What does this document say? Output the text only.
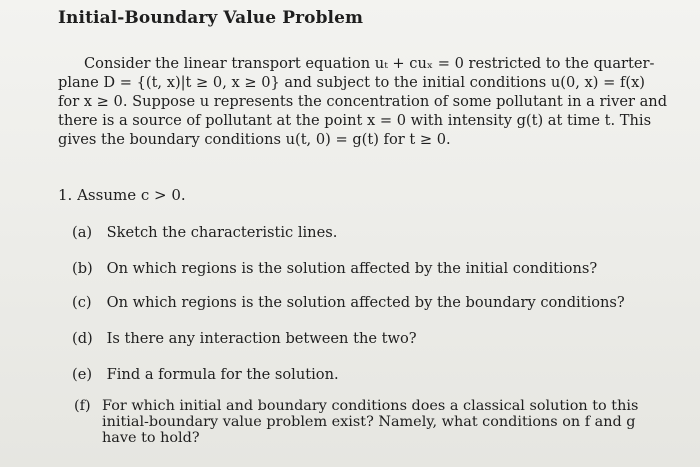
Initial-Boundary Value Problem
Consider the linear transport equation uₜ + cuₓ = 0 restricted to the quarter-
plane D = {(t, x)|t ≥ 0, x ≥ 0} and subject to the initial conditions u(0, x) = f(x)
for x ≥ 0. Suppose u represents the concentration of some pollutant in a river and
there is a source of pollutant at the point x = 0 with intensity g(t) at time t. This
gives the boundary conditions u(t, 0) = g(t) for t ≥ 0.
1. Assume c > 0.
(a) Sketch the characteristic lines.
(b) On which regions is the solution affected by the initial conditions?
(c) On which regions is the solution affected by the boundary conditions?
(d) Is there any interaction between the two?
(e) Find a formula for the solution.
(f) For which initial and boundary conditions does a classical solution to this
initial-boundary value problem exist? Namely, what conditions on f and g
have to hold?
